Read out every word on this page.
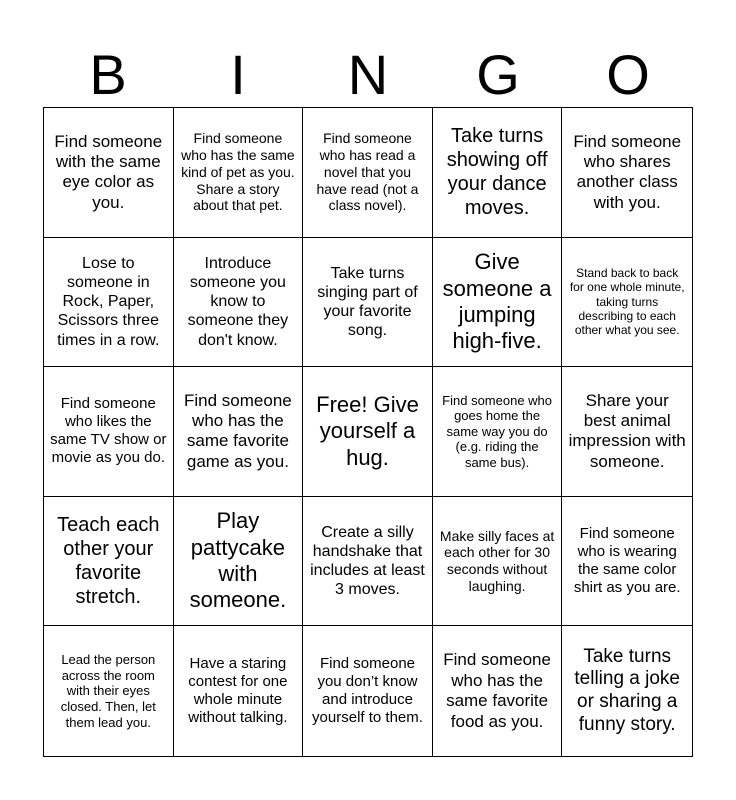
B	I	N	G	O
Find someone with the same eye color as you.
Find someone who has the same kind of pet as you. Share a story about that pet.
Find someone who has read a novel that you have read (not a class novel).
Take turns showing off your dance moves.
Find someone who shares another class with you.
Lose to someone in Rock, Paper, Scissors three times in a row.
Introduce someone you know to someone they don't know.
Take turns singing part of your favorite song.
Give someone a jumping high-five.
Stand back to back for one whole minute, taking turns describing to each other what you see.
Find someone who likes the same TV show or movie as you do.
Find someone who has the same favorite game as you.
Free! Give yourself a hug.
Find someone who goes home the same way you do (e.g. riding the same bus).
Share your best animal impression with someone.
Teach each other your favorite stretch.
Play pattycake with someone.
Create a silly handshake that includes at least 3 moves.
Make silly faces at each other for 30 seconds without laughing.
Find someone who is wearing the same color shirt as you are.
Lead the person across the room with their eyes closed. Then, let them lead you.
Have a staring contest for one whole minute without talking.
Find someone you don’t know and introduce yourself to them.
Find someone who has the same favorite food as you.
Take turns telling a joke or sharing a funny story.
